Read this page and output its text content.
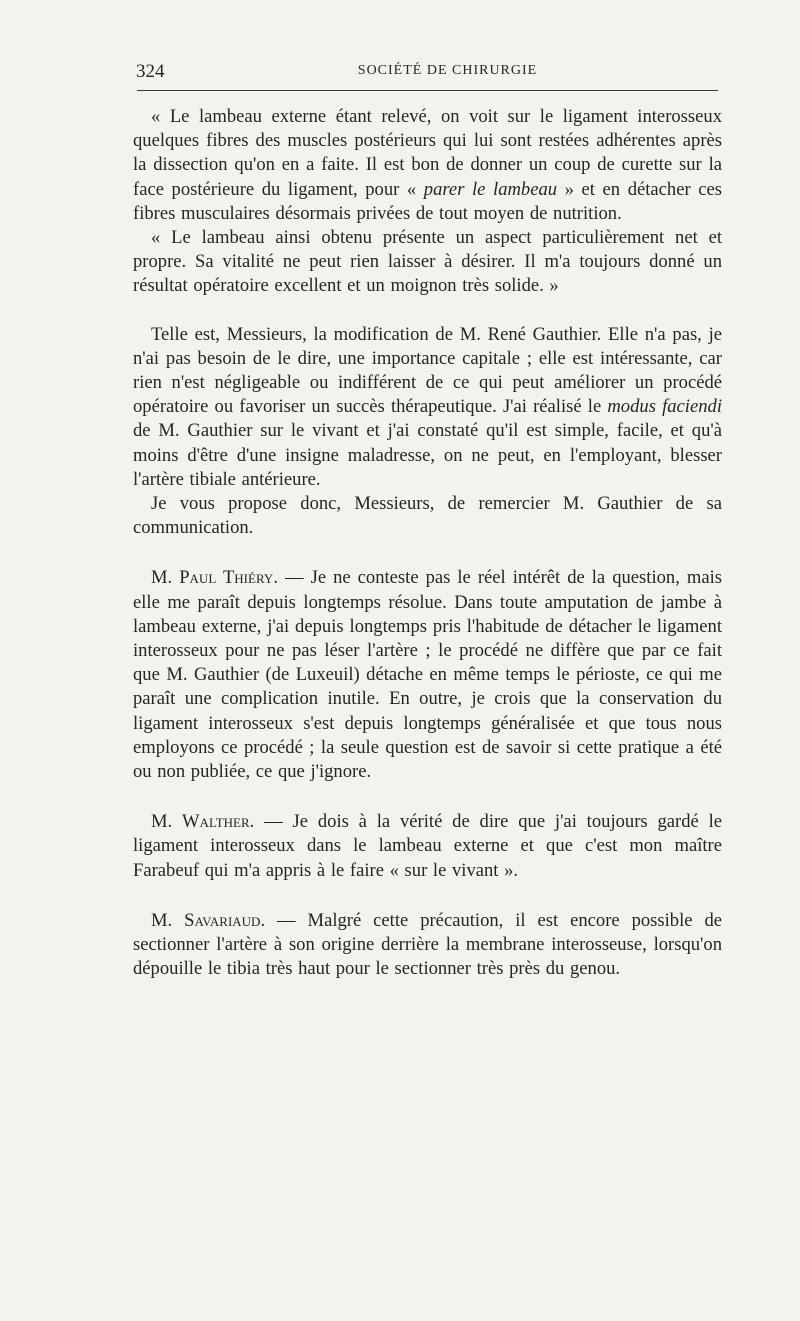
324	SOCIÉTÉ DE CHIRURGIE

« Le lambeau externe étant relevé, on voit sur le ligament interosseux quelques fibres des muscles postérieurs qui lui sont restées adhérentes après la dissection qu'on en a faite. Il est bon de donner un coup de curette sur la face postérieure du ligament, pour « parer le lambeau » et en détacher ces fibres musculaires désormais privées de tout moyen de nutrition.

« Le lambeau ainsi obtenu présente un aspect particulièrement net et propre. Sa vitalité ne peut rien laisser à désirer. Il m'a toujours donné un résultat opératoire excellent et un moignon très solide. »

Telle est, Messieurs, la modification de M. René Gauthier. Elle n'a pas, je n'ai pas besoin de le dire, une importance capitale ; elle est intéressante, car rien n'est négligeable ou indifférent de ce qui peut améliorer un procédé opératoire ou favoriser un succès thérapeutique. J'ai réalisé le modus faciendi de M. Gauthier sur le vivant et j'ai constaté qu'il est simple, facile, et qu'à moins d'être d'une insigne maladresse, on ne peut, en l'employant, blesser l'artère tibiale antérieure.

Je vous propose donc, Messieurs, de remercier M. Gauthier de sa communication.

M. Paul Thiéry. — Je ne conteste pas le réel intérêt de la question, mais elle me paraît depuis longtemps résolue. Dans toute amputation de jambe à lambeau externe, j'ai depuis longtemps pris l'habitude de détacher le ligament interosseux pour ne pas léser l'artère ; le procédé ne diffère que par ce fait que M. Gauthier (de Luxeuil) détache en même temps le périoste, ce qui me paraît une complication inutile. En outre, je crois que la conservation du ligament interosseux s'est depuis longtemps généralisée et que tous nous employons ce procédé ; la seule question est de savoir si cette pratique a été ou non publiée, ce que j'ignore.

M. Walther. — Je dois à la vérité de dire que j'ai toujours gardé le ligament interosseux dans le lambeau externe et que c'est mon maître Farabeuf qui m'a appris à le faire « sur le vivant ».

M. Savariaud. — Malgré cette précaution, il est encore possible de sectionner l'artère à son origine derrière la membrane interosseuse, lorsqu'on dépouille le tibia très haut pour le sectionner très près du genou.
